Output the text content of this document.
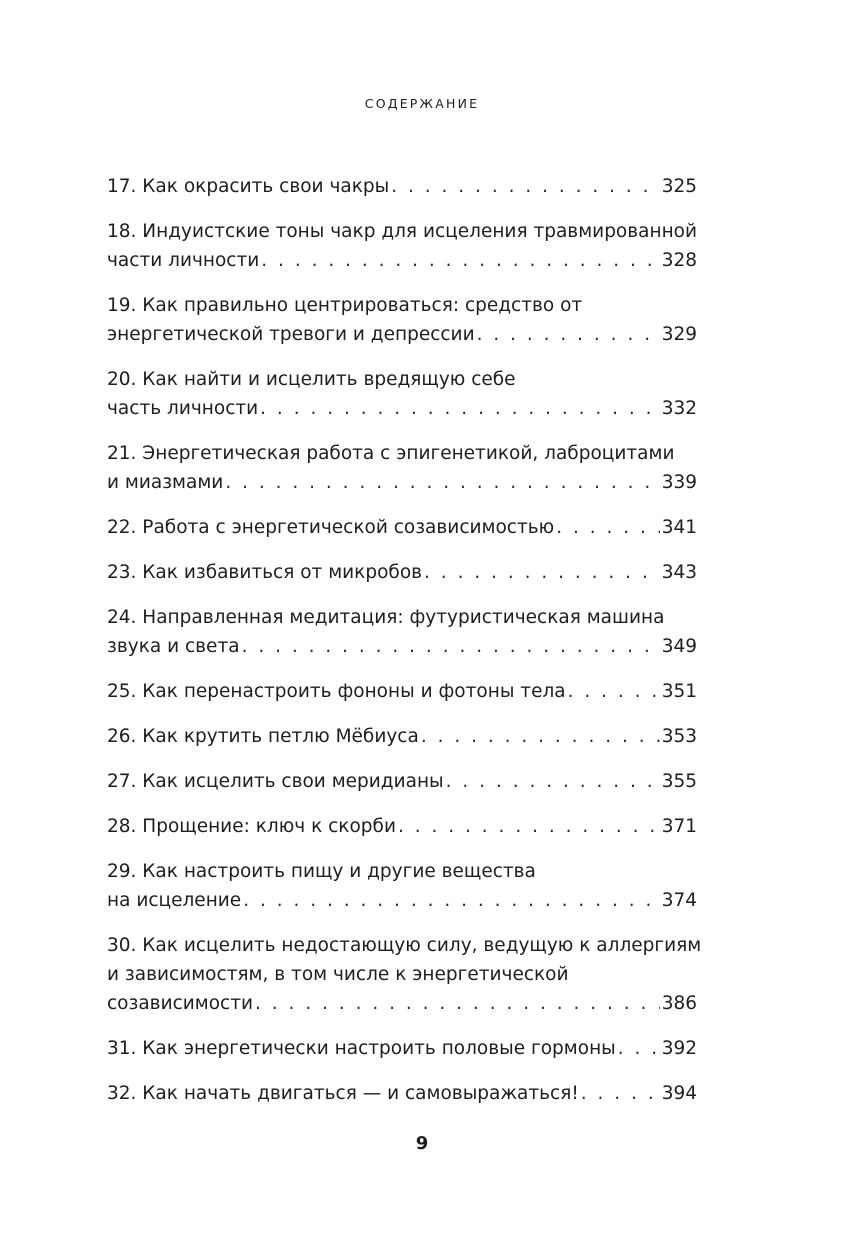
СОДЕРЖАНИЕ
17. Как окрасить свои чакры . . .	325
18. Индуистские тоны чакр для исцеления травмированной
части личности . . .	328
19. Как правильно центрироваться: средство от
энергетической тревоги и депрессии . . .	329
20. Как найти и исцелить вредящую себе
часть личности . . .	332
21. Энергетическая работа с эпигенетикой, лаброцитами
и миазмами . . .	339
22. Работа с энергетической созависимостью . . .	341
23. Как избавиться от микробов . . .	343
24. Направленная медитация: футуристическая машина
звука и света . . .	349
25. Как перенастроить фононы и фотоны тела . . .	351
26. Как крутить петлю Мёбиуса . . .	353
27. Как исцелить свои меридианы . . .	355
28. Прощение: ключ к скорби . . .	371
29. Как настроить пищу и другие вещества
на исцеление . . .	374
30. Как исцелить недостающую силу, ведущую к аллергиям
и зависимостям, в том числе к энергетической
созависимости . . .	386
31. Как энергетически настроить половые гормоны . . . 392
32. Как начать двигаться — и самовыражаться! . . .	394
9
